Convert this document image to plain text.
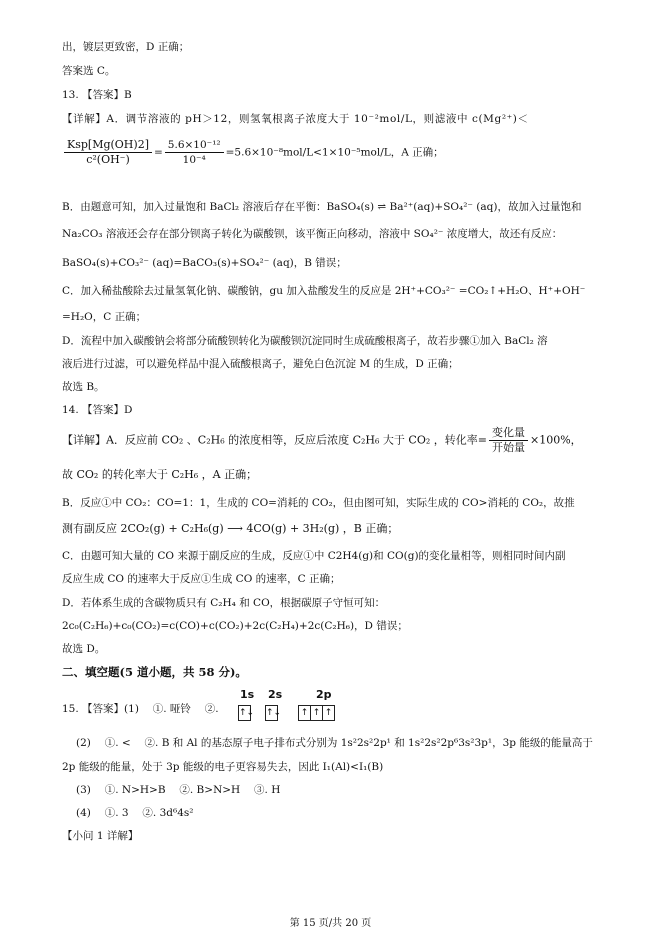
出，镀层更致密，D 正确；
答案选 C。
13. 【答案】B
【详解】A．调节溶液的 pH＞12，则氢氧根离子浓度大于 10⁻²mol/L，则滤液中 c(Mg²⁺)＜
$\frac{\text{Ksp[Mg(OH)2]}}{\text{c²(OH⁻)}} = \frac{\text{5.6×10⁻¹²}}{\text{10⁻⁴}} =5.6\times 10^{-8}mol/L<1\times 10^{-5}mol/L$，A 正确；
B．由题意可知，加入过量饱和 BaCl₂ 溶液后存在平衡：BaSO₄(s) ⇌ Ba²⁺(aq)+SO₄²⁻ (aq)，故加入过量饱和
Na₂CO₃ 溶液还会存在部分钡离子转化为碳酸钡，该平衡正向移动，溶液中 SO₄²⁻ 浓度增大，故还有反应：
BaSO₄(s)+CO₃²⁻ (aq)=BaCO₃(s)+SO₄²⁻ (aq)，B 错误；
C．加入稀盐酸除去过量氢氧化钠、碳酸钠，gu 加入盐酸发生的反应是 2H⁺+CO₃²⁻ =CO₂↑+H₂O、H⁺+OH⁻
=H₂O，C 正确；
D．流程中加入碳酸钠会将部分硫酸钡转化为碳酸钡沉淀同时生成硫酸根离子，故若步骤①加入 BaCl₂ 溶
液后进行过滤，可以避免样品中混入硫酸根离子，避免白色沉淀 M 的生成，D 正确；
故选 B。
14. 【答案】D
【详解】A．反应前 CO₂ 、C₂H₆ 的浓度相等，反应后浓度 C₂H₆ 大于 CO₂ ，转化率= $\frac{\text{变化量}}{\text{开始量}} \times 100\%$，
故 CO₂ 的转化率大于 C₂H₆ ，A 正确；
B．反应①中 CO₂：CO=1：1，生成的 CO=消耗的 CO₂，但由图可知，实际生成的 CO>消耗的 CO₂，故推
测有副反应 2CO₂(g) + C₂H₆(g) ⟶ 4CO(g) + 3H₂(g) ，B 正确；
C．由题可知大量的 CO 来源于副反应的生成，反应①中 C2H4(g)和 CO(g)的变化量相等，则相同时间内副
反应生成 CO 的速率大于反应①生成 CO 的速率，C 正确；
D．若体系生成的含碳物质只有 C₂H₄ 和 CO，根据碳原子守恒可知：
2c₀(C₂H₆)+c₀(CO₂)=c(CO)+c(CO₂)+2c(C₂H₄)+2c(C₂H₆)，D 错误；
故选 D。
二、填空题(5 道小题，共 58 分)。
15. 【答案】(1)　 ①. 哑铃　 ②.
1s 2s	2p
↑↓ ↑↓ ↑ ↑ ↑
(2)　 ①. <　 ②. B 和 Al 的基态原子电子排布式分别为 1s²2s²2p¹ 和 1s²2s²2p⁶3s²3p¹，3p 能级的能量高于
2p 能级的能量，处于 3p 能级的电子更容易失去，因此 I₁(Al)<I₁(B)
(3)　 ①. N>H>B　 ②. B>N>H　 ③. H
(4)　 ①. 3　 ②. 3d⁶4s²
【小问 1 详解】
第 15 页/共 20 页
